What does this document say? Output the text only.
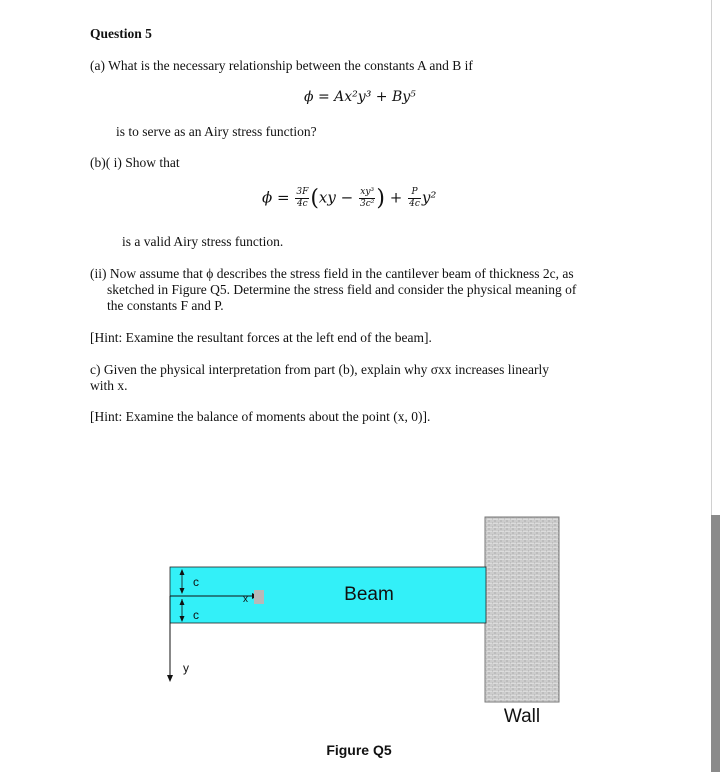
Question 5
(a) What is the necessary relationship between the constants A and B if
ϕ = Ax²y³ + By⁵
is to serve as an Airy stress function?
(b)( i) Show that
$\phi = \frac{3F}{4c} (xy - \frac{\text{xy³}}{\text{3c²}}$ ) + $\frac{P}{4c} y^2$
is a valid Airy stress function.
(ii) Now assume that ϕ describes the stress field in the cantilever beam of thickness 2c, as
sketched in Figure Q5. Determine the stress field and consider the physical meaning of
the constants F and P.
[Hint: Examine the resultant forces at the left end of the beam].
c) Given the physical interpretation from part (b), explain why σxx increases linearly
with x.
[Hint: Examine the balance of moments about the point (x, 0)].
Beam
x
y
c
c
Wall
Figure Q5
